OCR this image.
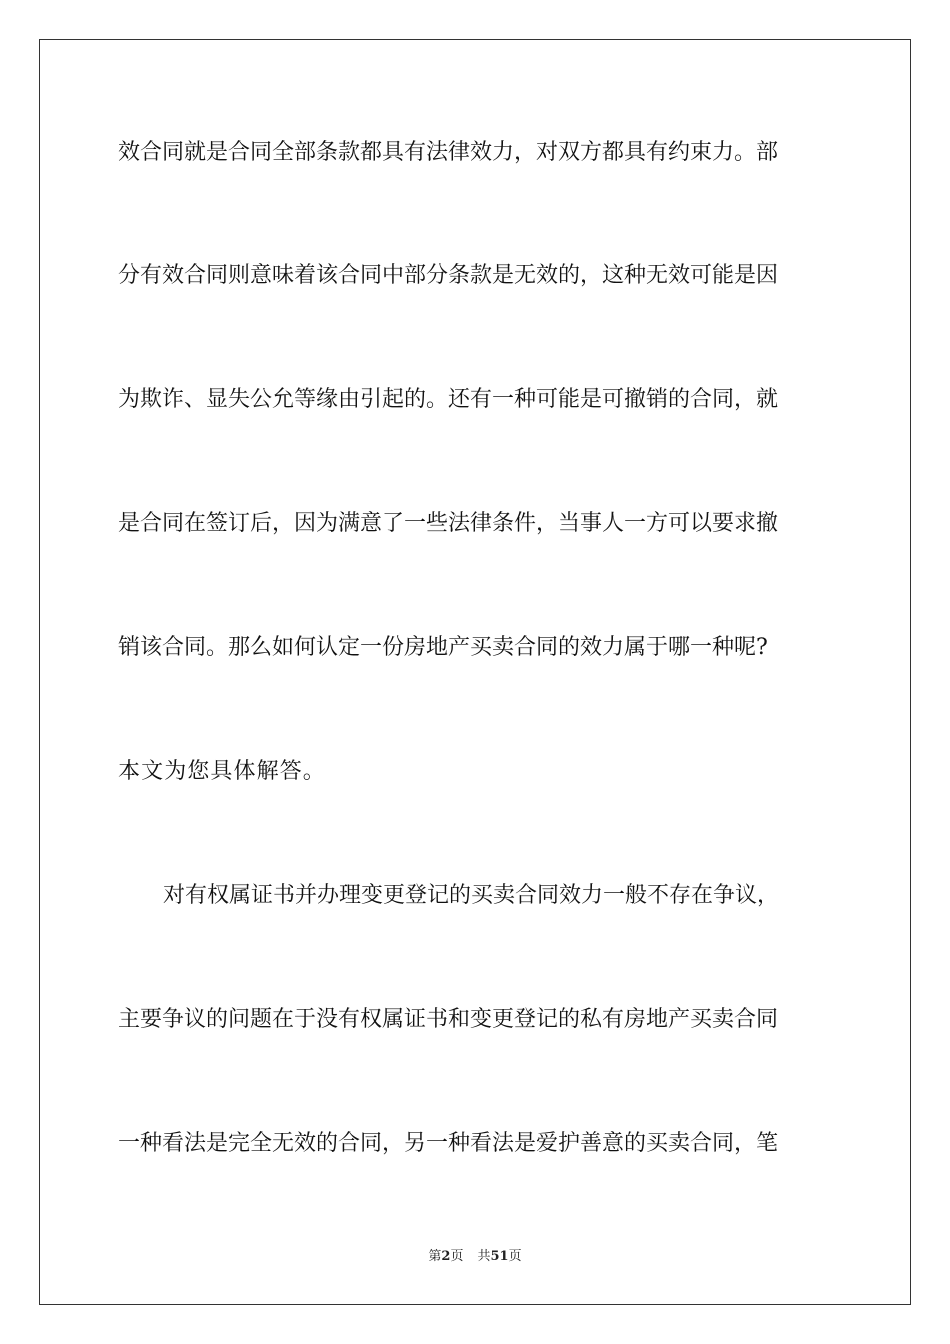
效合同就是合同全部条款都具有法律效力，对双方都具有约束力。部
分有效合同则意味着该合同中部分条款是无效的，这种无效可能是因
为欺诈、显失公允等缘由引起的。还有一种可能是可撤销的合同，就
是合同在签订后，因为满意了一些法律条件，当事人一方可以要求撤
销该合同。那么如何认定一份房地产买卖合同的效力属于哪一种呢?
本文为您具体解答。
对有权属证书并办理变更登记的买卖合同效力一般不存在争议，
主要争议的问题在于没有权属证书和变更登记的私有房地产买卖合同
一种看法是完全无效的合同，另一种看法是爱护善意的买卖合同，笔
第2页 共51页
